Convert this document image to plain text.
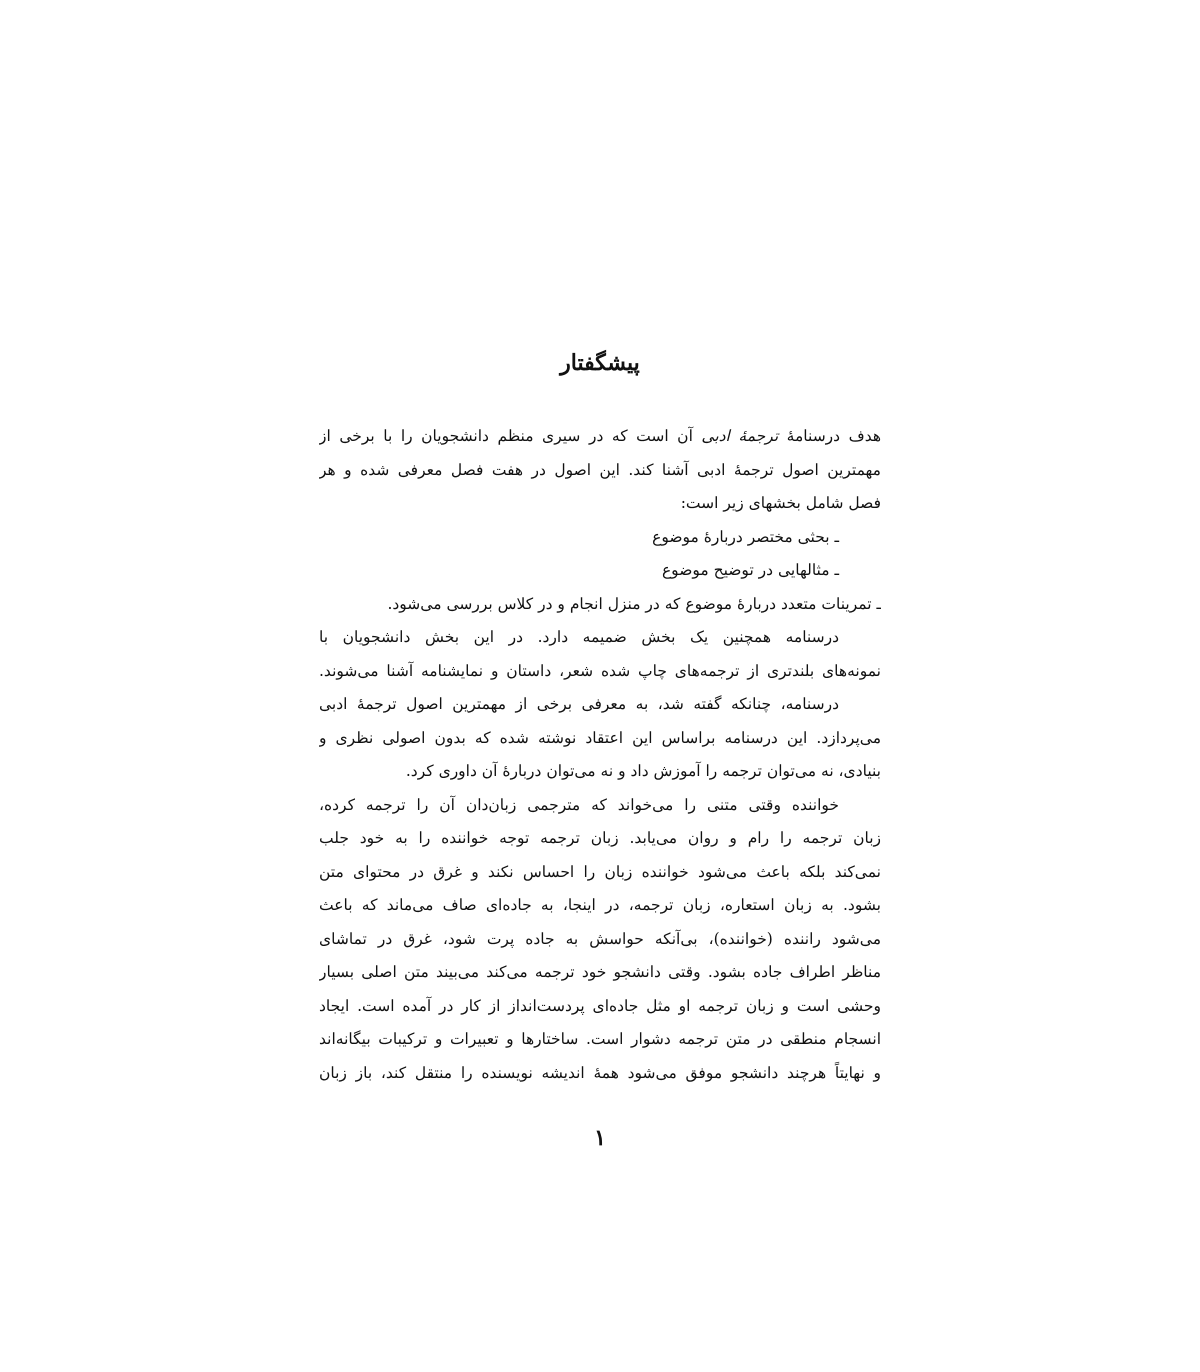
پیشگفتار
هدف درسنامهٔ ترجمهٔ ادبی آن است که در سیری منظم دانشجویان را با برخی از
مهمترین اصول ترجمهٔ ادبی آشنا کند. این اصول در هفت فصل معرفی شده و هر
فصل شامل بخشهای زیر است:
ـ بحثی مختصر دربارهٔ موضوع
ـ مثالهایی در توضیح موضوع
ـ تمرینات متعدد دربارهٔ موضوع که در منزل انجام و در کلاس بررسی می‌شود.
درسنامه همچنین یک بخش ضمیمه دارد. در این بخش دانشجویان با
نمونه‌های بلندتری از ترجمه‌های چاپ شده شعر، داستان و نمایشنامه آشنا می‌شوند.
درسنامه، چنانکه گفته شد، به معرفی برخی از مهمترین اصول ترجمهٔ ادبی
می‌پردازد. این درسنامه براساس این اعتقاد نوشته شده که بدون اصولی نظری و
بنیادی، نه می‌توان ترجمه را آموزش داد و نه می‌توان دربارهٔ آن داوری کرد.
خواننده وقتی متنی را می‌خواند که مترجمی زبان‌دان آن را ترجمه کرده،
زبان ترجمه را رام و روان می‌یابد. زبان ترجمه توجه خواننده را به خود جلب
نمی‌کند بلکه باعث می‌شود خواننده زبان را احساس نکند و غرق در محتوای متن
بشود. به زبان استعاره، زبان ترجمه، در اینجا، به جاده‌ای صاف می‌ماند که باعث
می‌شود راننده (خواننده)، بی‌آنکه حواسش به جاده پرت شود، غرق در تماشای
مناظر اطراف جاده بشود. وقتی دانشجو خود ترجمه می‌کند می‌بیند متن اصلی بسیار
وحشی است و زبان ترجمه او مثل جاده‌ای پردست‌انداز از کار در آمده است. ایجاد
انسجام منطقی در متن ترجمه دشوار است. ساختارها و تعبیرات و ترکیبات بیگانه‌اند
و نهایتاً هرچند دانشجو موفق می‌شود همهٔ اندیشه نویسنده را منتقل کند، باز زبان
۱
